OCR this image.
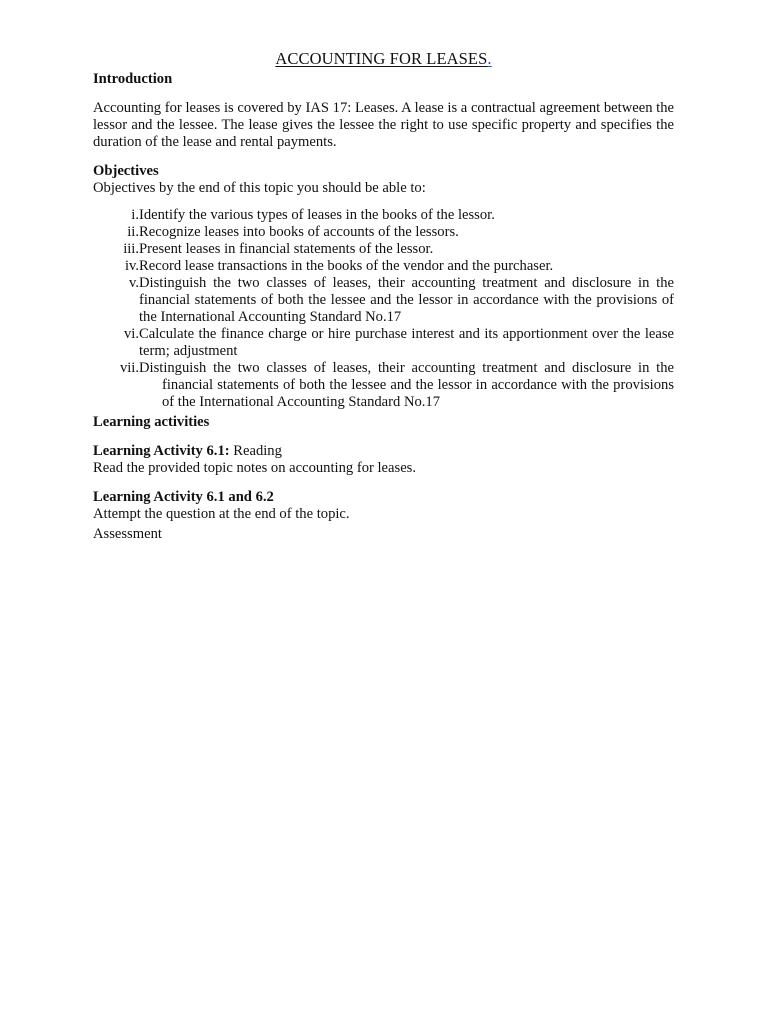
ACCOUNTING FOR LEASES.

Introduction

Accounting for leases is covered by IAS 17: Leases. A lease is a contractual agreement between the lessor and the lessee. The lease gives the lessee the right to use specific property and specifies the duration of the lease and rental payments.

Objectives

Objectives by the end of this topic you should be able to:

i. Identify the various types of leases in the books of the lessor.
ii. Recognize leases into books of accounts of the lessors.
iii. Present leases in financial statements of the lessor.
iv. Record lease transactions in the books of the vendor and the purchaser.
v. Distinguish the two classes of leases, their accounting treatment and disclosure in the financial statements of both the lessee and the lessor in accordance with the provisions of the International Accounting Standard No.17
vi. Calculate the finance charge or hire purchase interest and its apportionment over the lease term; adjustment
vii. Distinguish the two classes of leases, their accounting treatment and disclosure in the financial statements of both the lessee and the lessor in accordance with the provisions of the International Accounting Standard No.17

Learning activities

Learning Activity 6.1: Reading

Read the provided topic notes on accounting for leases.

Learning Activity 6.1 and 6.2

Attempt the question at the end of the topic.

Assessment
